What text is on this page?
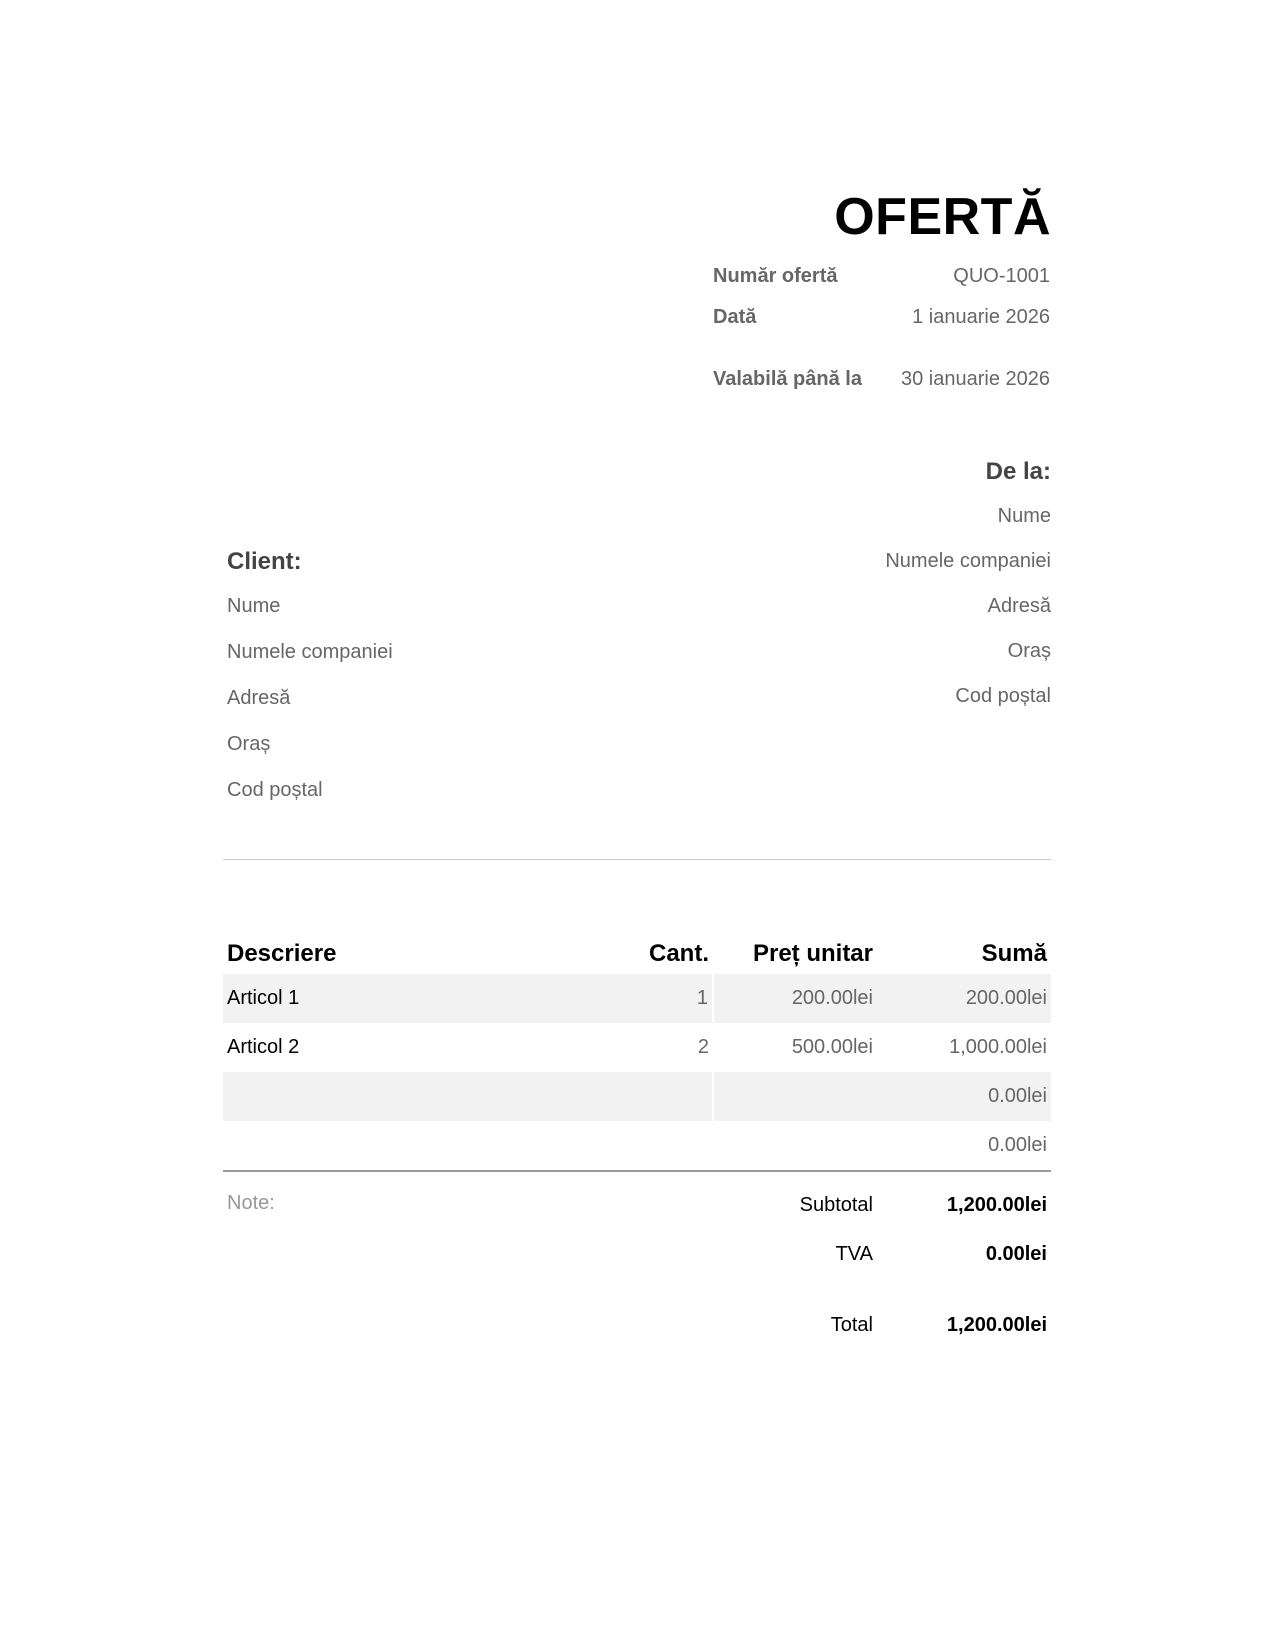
OFERTĂ
Număr ofertă	QUO-1001
Dată	1 ianuarie 2026
Valabilă până la 30 ianuarie 2026
De la:
Nume
Numele companiei
Adresă
Oraș
Cod poștal
Client:
Nume
Numele companiei
Adresă
Oraș
Cod poștal
Descriere	Cant.	Preț unitar	Sumă
Articol 1	1	200.00lei	200.00lei
Articol 2	2	500.00lei	1,000.00lei
			0.00lei
			0.00lei
Note:	Subtotal	1,200.00lei
TVA	0.00lei
Total	1,200.00lei
